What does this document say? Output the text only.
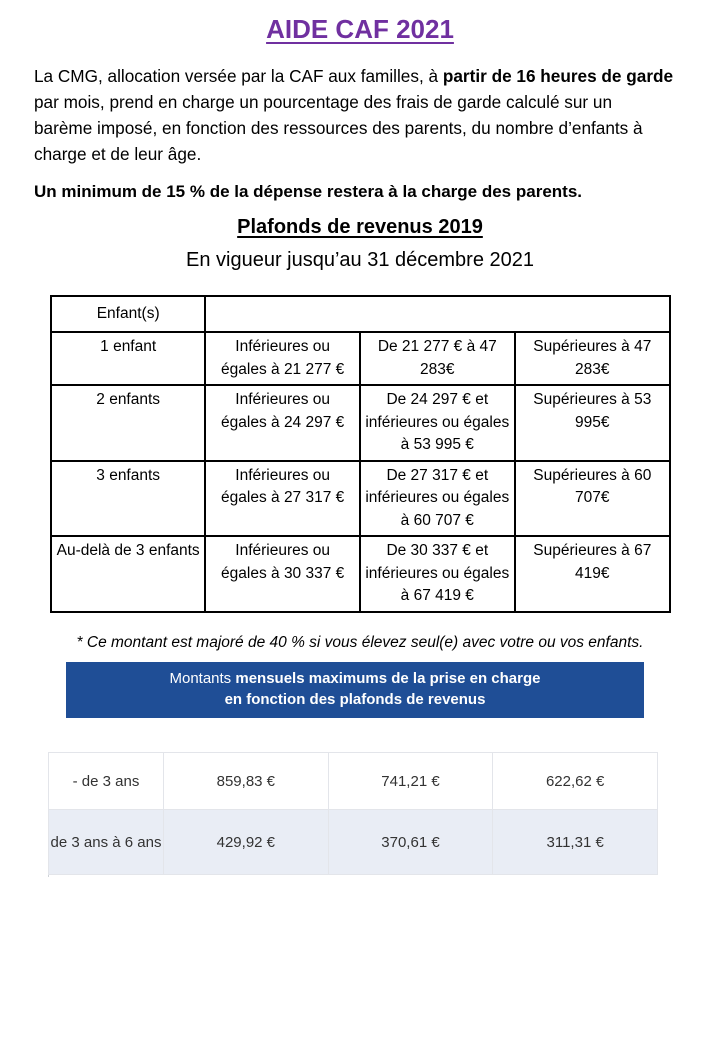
AIDE CAF 2021
La CMG, allocation versée par la CAF aux familles, à partir de 16 heures de garde par mois, prend en charge un pourcentage des frais de garde calculé sur un barème imposé, en fonction des ressources des parents, du nombre d’enfants à charge et de leur âge.
Un minimum de 15 % de la dépense restera à la charge des parents.
Plafonds de revenus 2019
En vigueur jusqu’au 31 décembre 2021
Enfant(s)			
1 enfant	Inférieures ou égales à 21 277 €	De 21 277 € à 47 283€	Supérieures à 47 283€
2 enfants	Inférieures ou égales à 24 297 €	De 24 297 € et inférieures ou égales à 53 995 €	Supérieures à 53 995€
3 enfants	Inférieures ou égales à 27 317 €	De 27 317 € et inférieures ou égales à 60 707 €	Supérieures à 60 707€
Au-delà de 3 enfants	Inférieures ou égales à 30 337 €	De 30 337 € et inférieures ou égales à 67 419 €	Supérieures à 67 419€
* Ce montant est majoré de 40 % si vous élevez seul(e) avec votre ou vos enfants.
Montants mensuels maximums de la prise en charge
en fonction des plafonds de revenus
- de 3 ans	859,83 €	741,21 €	622,62 €
de 3 ans à 6 ans	429,92 €	370,61 €	311,31 €
